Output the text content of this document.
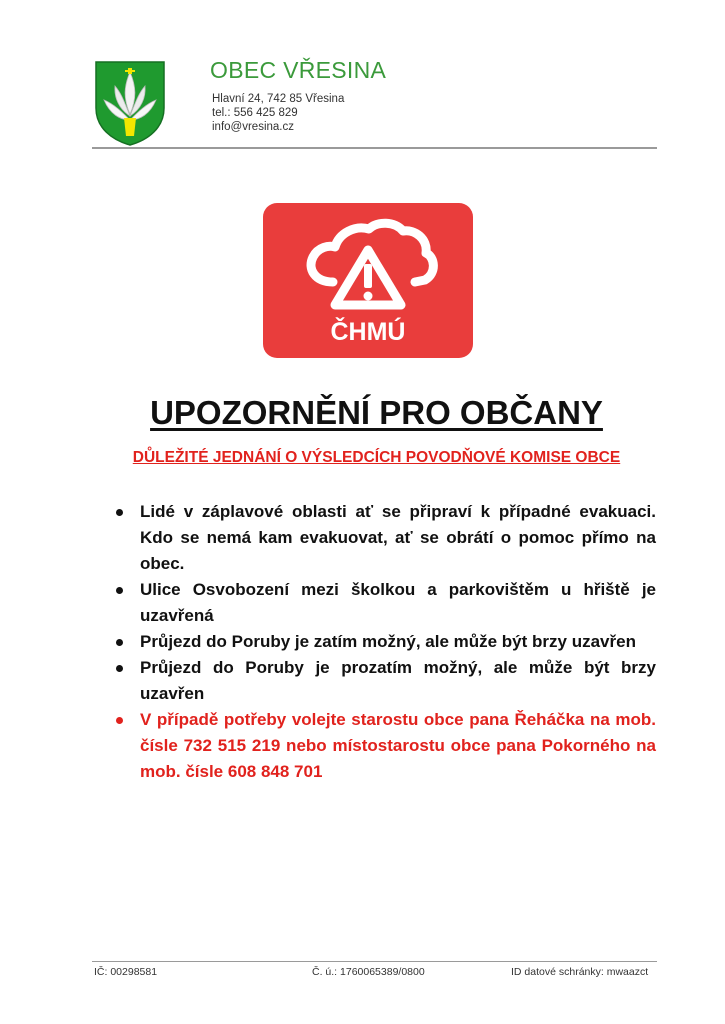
OBEC VŘESINA
Hlavní 24, 742 85 Vřesina
tel.: 556 425 829
info@vresina.cz
ČHMÚ
UPOZORNĚNÍ PRO OBČANY
DŮLEŽITÉ JEDNÁNÍ O VÝSLEDCÍCH POVODŇOVÉ KOMISE OBCE
Lidé v záplavové oblasti ať se připraví k případné evakuaci. Kdo se nemá kam evakuovat, ať se obrátí o pomoc přímo na obec.
Ulice Osvobození mezi školkou a parkovištěm u hřiště je uzavřená
Průjezd do Poruby je zatím možný, ale může být brzy uzavřen
Průjezd do Poruby je prozatím možný, ale může být brzy uzavřen
V případě potřeby volejte starostu obce pana Řeháčka na mob. čísle 732 515 219 nebo místostarostu obce pana Pokorného na mob. čísle 608 848 701
IČ: 00298581	Č. ú.: 1760065389/0800	ID datové schránky: mwaazct
